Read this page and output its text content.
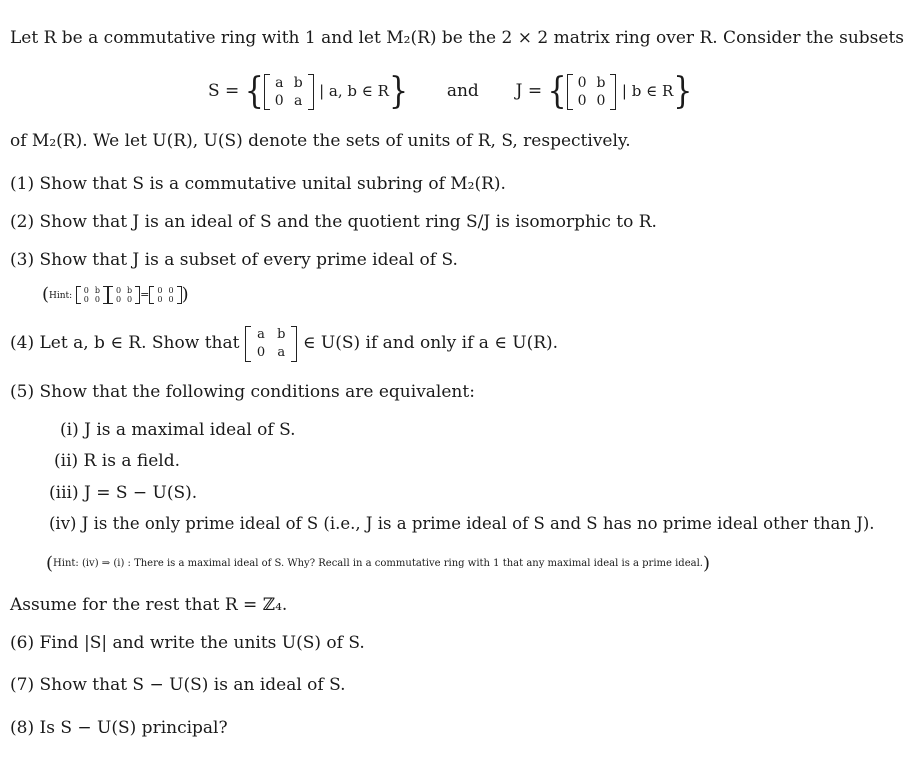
Let R be a commutative ring with 1 and let M₂(R) be the 2 × 2 matrix ring over R. Consider the subsets
S = { a	b
0	a
| a, b ∈ R} and J = { 0	b
0	0
| b ∈ R}
of M₂(R). We let U(R), U(S) denote the sets of units of R, S, respectively.
(1) Show that S is a commutative unital subring of M₂(R).
(2) Show that J is an ideal of S and the quotient ring S/J is isomorphic to R.
(3) Show that J is a subset of every prime ideal of S.
(Hint:
0	b
0	0
0	b
0	0 = 0	0
0	0 )
(4) Let a, b ∈ R. Show that a	b
0	a ∈ U(S) if and only if a ∈ U(R).
(5) Show that the following conditions are equivalent:
(i) J is a maximal ideal of S.
(ii) R is a field.
(iii) J = S − U(S).
(iv) J is the only prime ideal of S (i.e., J is a prime ideal of S and S has no prime ideal other than J).
(Hint: (iv) ⇒ (i) : There is a maximal ideal of S. Why? Recall in a commutative ring with 1 that any maximal ideal is a prime ideal.)
Assume for the rest that R = ℤ₄.
(6) Find |S| and write the units U(S) of S.
(7) Show that S − U(S) is an ideal of S.
(8) Is S − U(S) principal?
